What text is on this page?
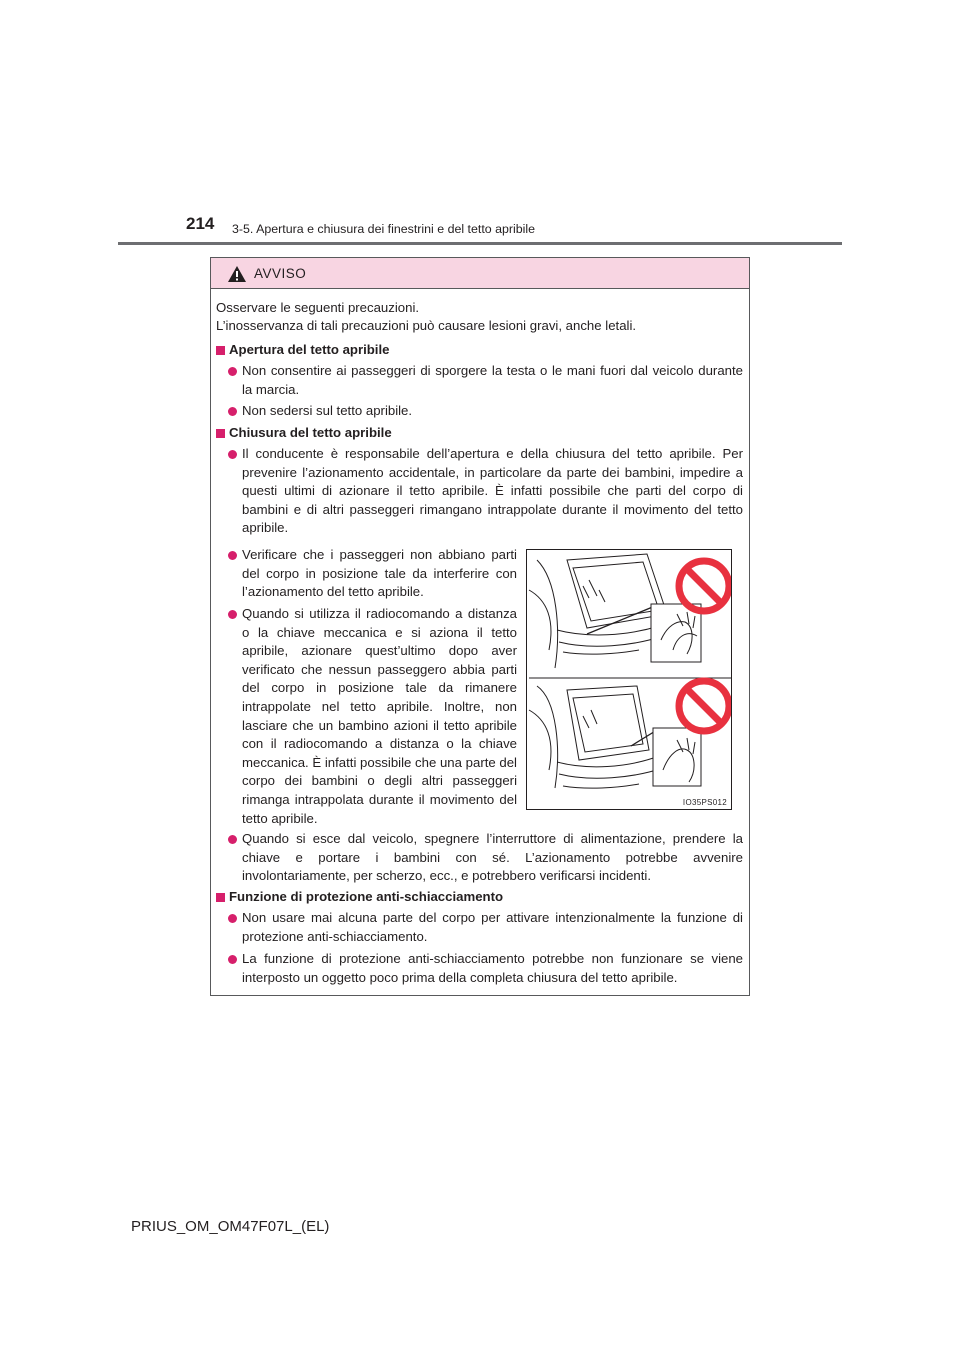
214 3-5. Apertura e chiusura dei finestrini e del tetto apribile
AVVISO
Osservare le seguenti precauzioni.
L’inosservanza di tali precauzioni può causare lesioni gravi, anche letali.
Apertura del tetto apribile
Non consentire ai passeggeri di sporgere la testa o le mani fuori dal veicolo durante la marcia.
Non sedersi sul tetto apribile.
Chiusura del tetto apribile
Il conducente è responsabile dell’apertura e della chiusura del tetto apribile. Per prevenire l’azionamento accidentale, in particolare da parte dei bambini, impedire a questi ultimi di azionare il tetto apribile. È infatti possibile che parti del corpo di bambini e di altri passeggeri rimangano intrappolate durante il movimento del tetto apribile.
Verificare che i passeggeri non abbiano parti del corpo in posizione tale da interferire con l’azionamento del tetto apribile.
Quando si utilizza il radiocomando a distanza o la chiave meccanica e si aziona il tetto apribile, azionare quest’ultimo dopo aver verificato che nessun passeggero abbia parti del corpo in posizione tale da rimanere intrappolate nel tetto apribile. Inoltre, non lasciare che un bambino azioni il tetto apribile con il radiocomando a distanza o la chiave meccanica. È infatti possibile che una parte del corpo dei bambini o degli altri passeggeri rimanga intrappolata durante il movimento del tetto apribile.
IO35PS012
Quando si esce dal veicolo, spegnere l’interruttore di alimentazione, prendere la chiave e portare i bambini con sé. L’azionamento potrebbe avvenire involontariamente, per scherzo, ecc., e potrebbero verificarsi incidenti.
Funzione di protezione anti-schiacciamento
Non usare mai alcuna parte del corpo per attivare intenzionalmente la funzione di protezione anti-schiacciamento.
La funzione di protezione anti-schiacciamento potrebbe non funzionare se viene interposto un oggetto poco prima della completa chiusura del tetto apribile.
PRIUS_OM_OM47F07L_(EL)
